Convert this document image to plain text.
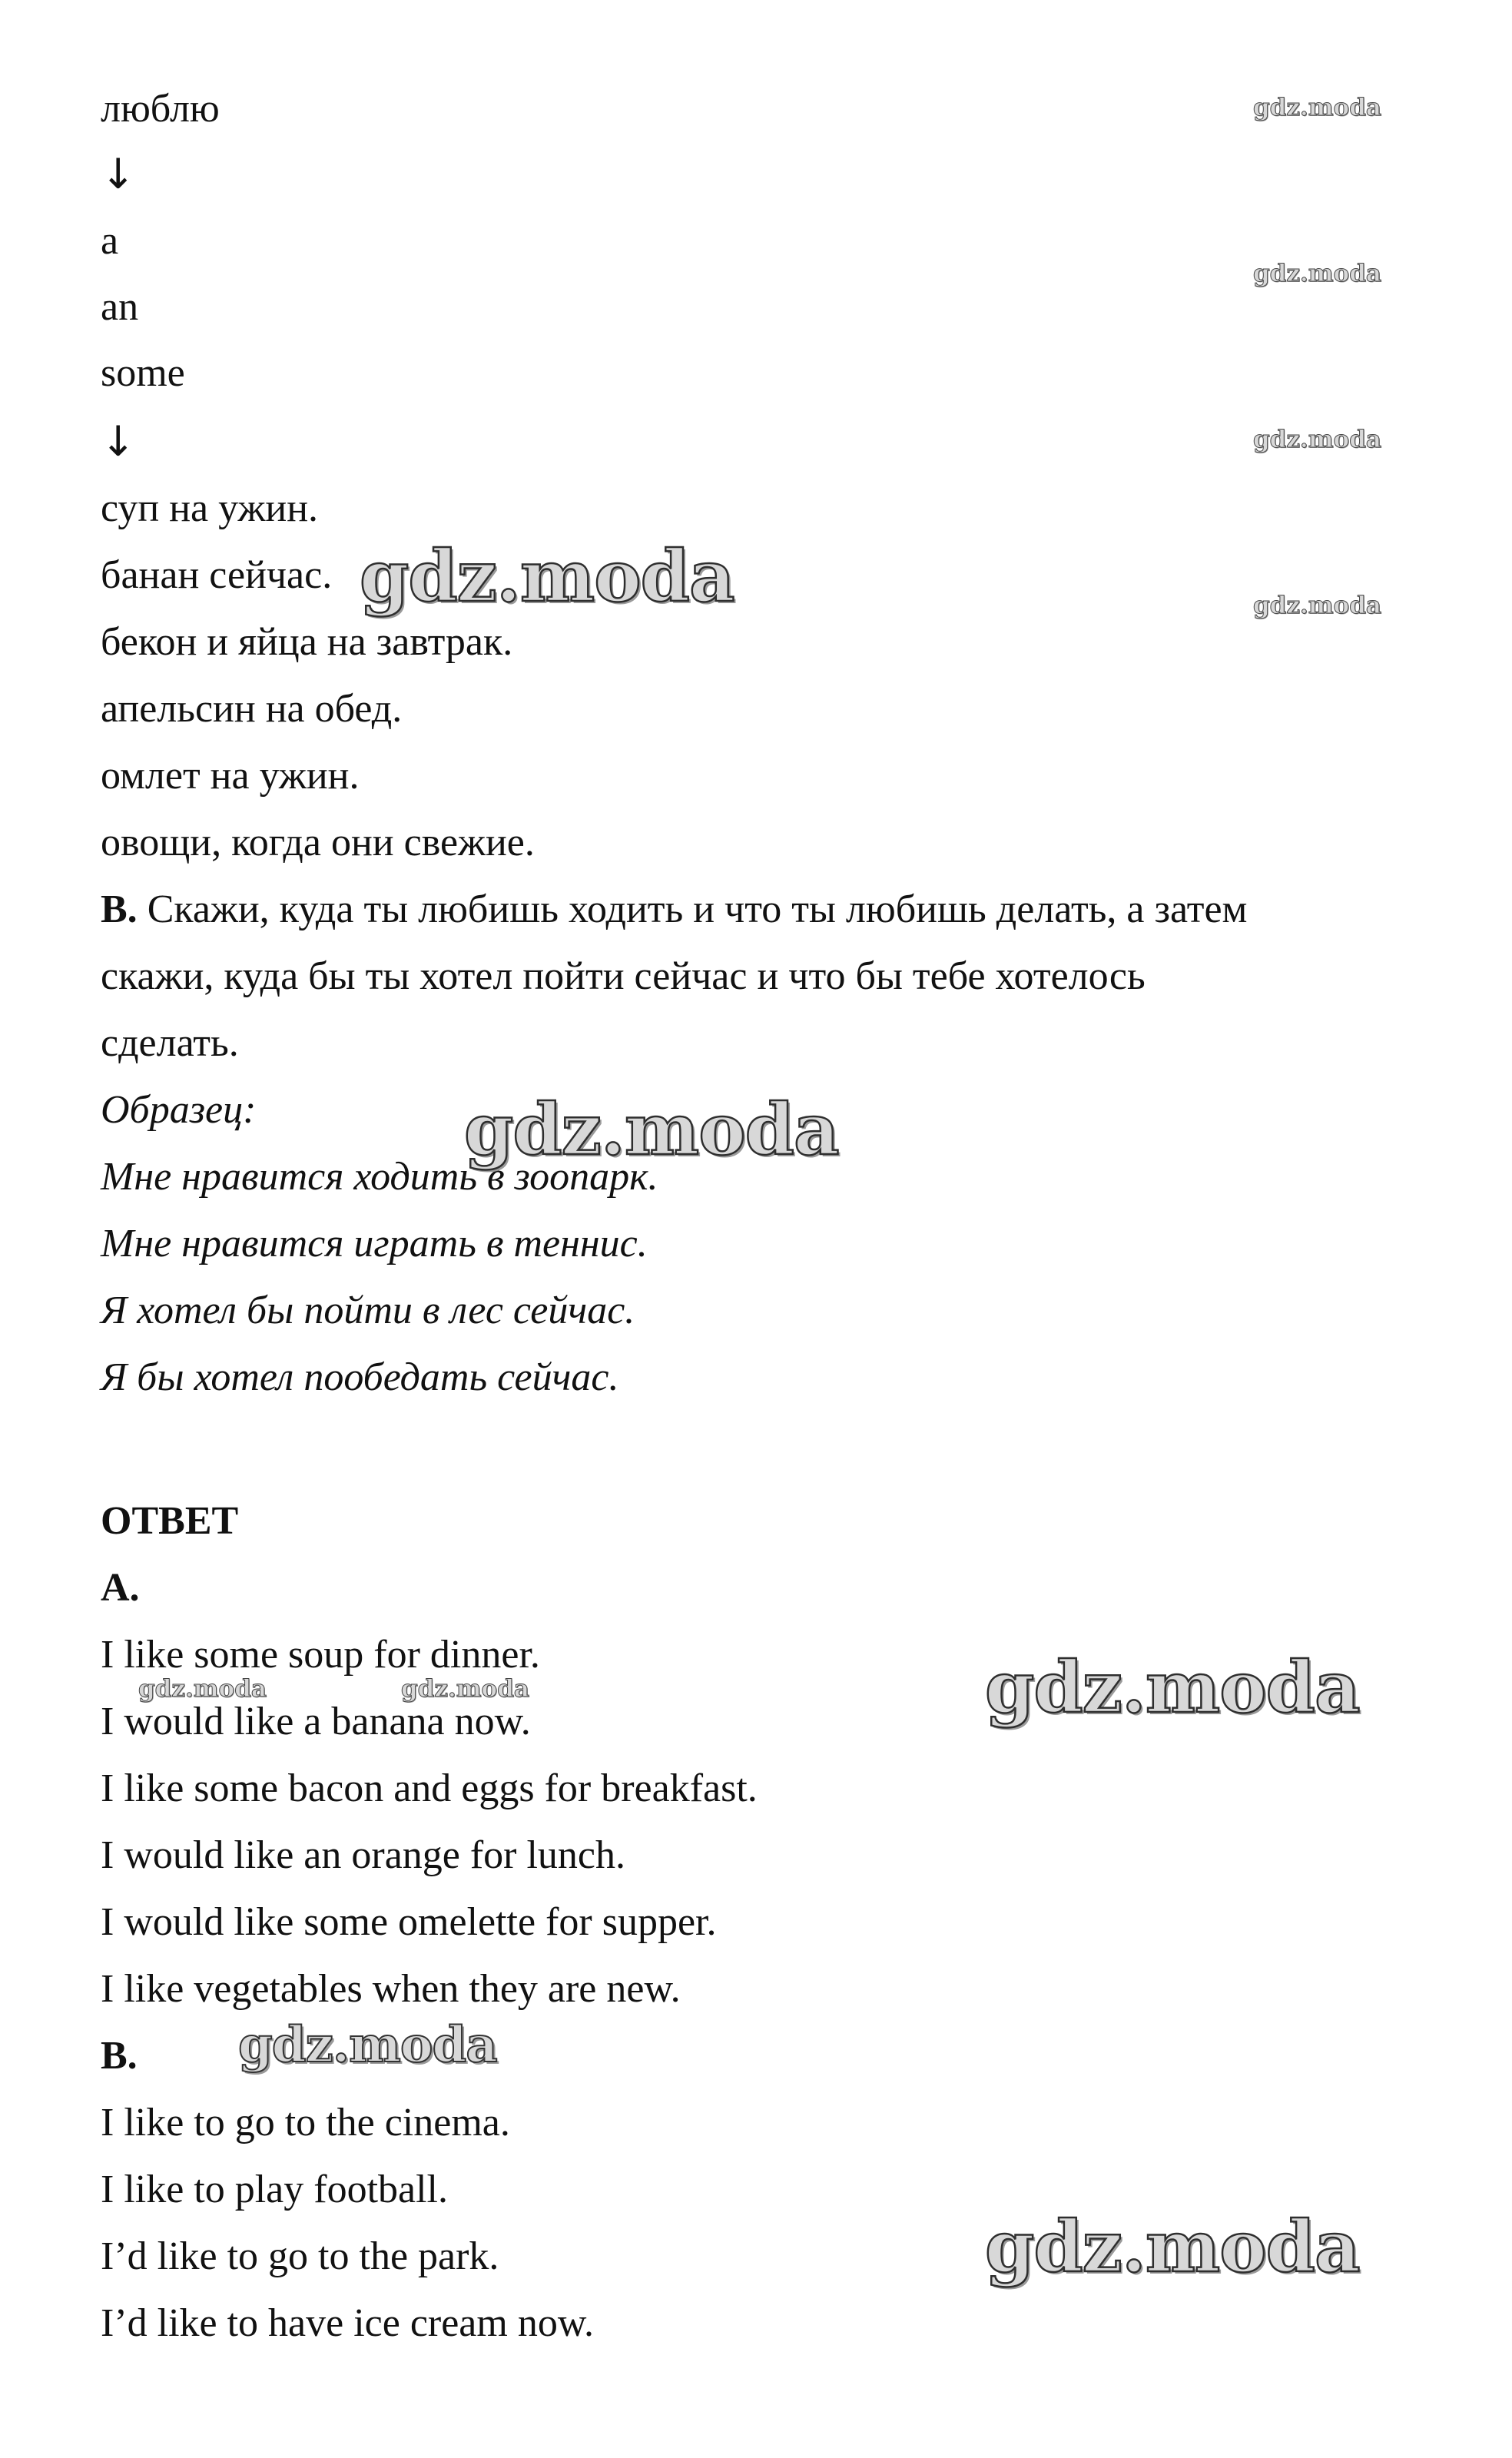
люблю
↓
a
an
some
↓
суп на ужин.
банан сейчас.
бекон и яйца на завтрак.
апельсин на обед.
омлет на ужин.
овощи, когда они свежие.
B. Скажи, куда ты любишь ходить и что ты любишь делать, а затем
скажи, куда бы ты хотел пойти сейчас и что бы тебе хотелось
сделать.
Образец:
Мне нравится ходить в зоопарк.
Мне нравится играть в теннис.
Я хотел бы пойти в лес сейчас.
Я бы хотел пообедать сейчас.
ОТВЕТ
A.
I like some soup for dinner.
I would like a banana now.
I like some bacon and eggs for breakfast.
I would like an orange for lunch.
I would like some omelette for supper.
I like vegetables when they are new.
B.
I like to go to the cinema.
I like to play football.
I’d like to go to the park.
I’d like to have ice cream now.
gdz.moda
gdz.moda
gdz.moda
gdz.moda
gdz.moda
gdz.moda
gdz.moda	gdz.moda	gdz.moda
gdz.moda
gdz.moda
